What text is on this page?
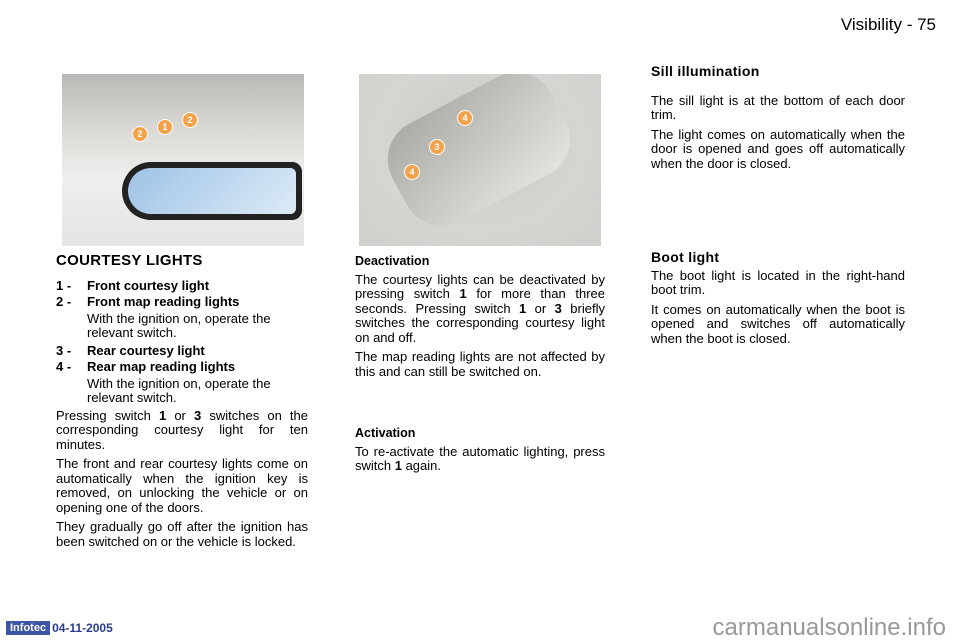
Visibility - 75
2
1
2	4
3
4
COURTESY LIGHTS
1 -	Front courtesy light
2 -	Front map reading lights
With the ignition on, operate the relevant switch.
3 -	Rear courtesy light
4 -	Rear map reading lights
With the ignition on, operate the relevant switch.

Pressing switch 1 or 3 switches on the corresponding courtesy light for ten minutes.

The front and rear courtesy lights come on automatically when the ignition key is removed, on unlocking the vehicle or on opening one of the doors.

They gradually go off after the ignition has been switched on or the vehicle is locked.

Deactivation

The courtesy lights can be deactivated by pressing switch 1 for more than three seconds. Pressing switch 1 or 3 briefly switches the corresponding courtesy light on and off.

The map reading lights are not affected by this and can still be switched on.

Activation

To re-activate the automatic lighting, press switch 1 again.

Sill illumination

The sill light is at the bottom of each door trim.

The light comes on automatically when the door is opened and goes off automatically when the door is closed.

Boot light

The boot light is located in the right-hand boot trim.

It comes on automatically when the boot is opened and switches off automatically when the boot is closed.

Infotec 04-11-2005	carmanualsonline.info
